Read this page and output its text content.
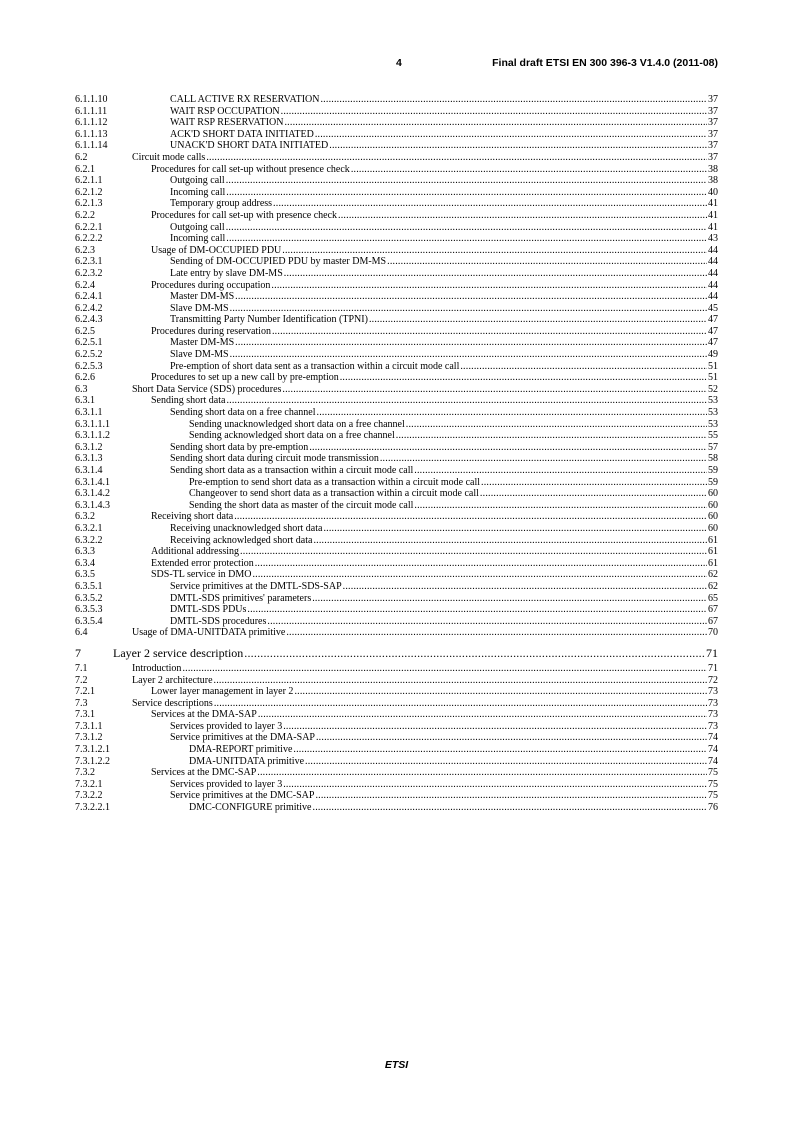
4	Final draft ETSI EN 300 396-3 V1.4.0 (2011-08)
6.1.1.10	CALL ACTIVE RX RESERVATION .....	37
6.1.1.11	WAIT RSP OCCUPATION .....	37
6.1.1.12	WAIT RSP RESERVATION .....	37
6.1.1.13	ACK'D SHORT DATA INITIATED .....	37
6.1.1.14	UNACK'D SHORT DATA INITIATED .....	37
6.2	Circuit mode calls .....	37
6.2.1	Procedures for call set-up without presence check .....	38
6.2.1.1	Outgoing call .....	38
6.2.1.2	Incoming call .....	40
6.2.1.3	Temporary group address .....	41
6.2.2	Procedures for call set-up with presence check .....	41
6.2.2.1	Outgoing call .....	41
6.2.2.2	Incoming call .....	43
6.2.3	Usage of DM-OCCUPIED PDU .....	44
6.2.3.1	Sending of DM-OCCUPIED PDU by master DM-MS .....	44
6.2.3.2	Late entry by slave DM-MS .....	44
6.2.4	Procedures during occupation .....	44
6.2.4.1	Master DM-MS .....	44
6.2.4.2	Slave DM-MS .....	45
6.2.4.3	Transmitting Party Number Identification (TPNI) .....	47
6.2.5	Procedures during reservation .....	47
6.2.5.1	Master DM-MS .....	47
6.2.5.2	Slave DM-MS .....	49
6.2.5.3	Pre-emption of short data sent as a transaction within a circuit mode call .....	51
6.2.6	Procedures to set up a new call by pre-emption .....	51
6.3	Short Data Service (SDS) procedures .....	52
6.3.1	Sending short data .....	53
6.3.1.1	Sending short data on a free channel .....	53
6.3.1.1.1	Sending unacknowledged short data on a free channel .....	53
6.3.1.1.2	Sending acknowledged short data on a free channel .....	55
6.3.1.2	Sending short data by pre-emption .....	57
6.3.1.3	Sending short data during circuit mode transmission .....	58
6.3.1.4	Sending short data as a transaction within a circuit mode call .....	59
6.3.1.4.1	Pre-emption to send short data as a transaction within a circuit mode call .....	59
6.3.1.4.2	Changeover to send short data as a transaction within a circuit mode call .....	60
6.3.1.4.3	Sending the short data as master of the circuit mode call .....	60
6.3.2	Receiving short data .....	60
6.3.2.1	Receiving unacknowledged short data .....	60
6.3.2.2	Receiving acknowledged short data .....	61
6.3.3	Additional addressing .....	61
6.3.4	Extended error protection .....	61
6.3.5	SDS-TL service in DMO .....	62
6.3.5.1	Service primitives at the DMTL-SDS-SAP .....	62
6.3.5.2	DMTL-SDS primitives' parameters .....	65
6.3.5.3	DMTL-SDS PDUs .....	67
6.3.5.4	DMTL-SDS procedures .....	67
6.4	Usage of DMA-UNITDATA primitive .....	70
7	Layer 2 service description .....	71
7.1	Introduction .....	71
7.2	Layer 2 architecture .....	72
7.2.1	Lower layer management in layer 2 .....	73
7.3	Service descriptions .....	73
7.3.1	Services at the DMA-SAP .....	73
7.3.1.1	Services provided to layer 3 .....	73
7.3.1.2	Service primitives at the DMA-SAP .....	74
7.3.1.2.1	DMA-REPORT primitive .....	74
7.3.1.2.2	DMA-UNITDATA primitive .....	74
7.3.2	Services at the DMC-SAP .....	75
7.3.2.1	Services provided to layer 3 .....	75
7.3.2.2	Service primitives at the DMC-SAP .....	75
7.3.2.2.1	DMC-CONFIGURE primitive .....	76
ETSI
